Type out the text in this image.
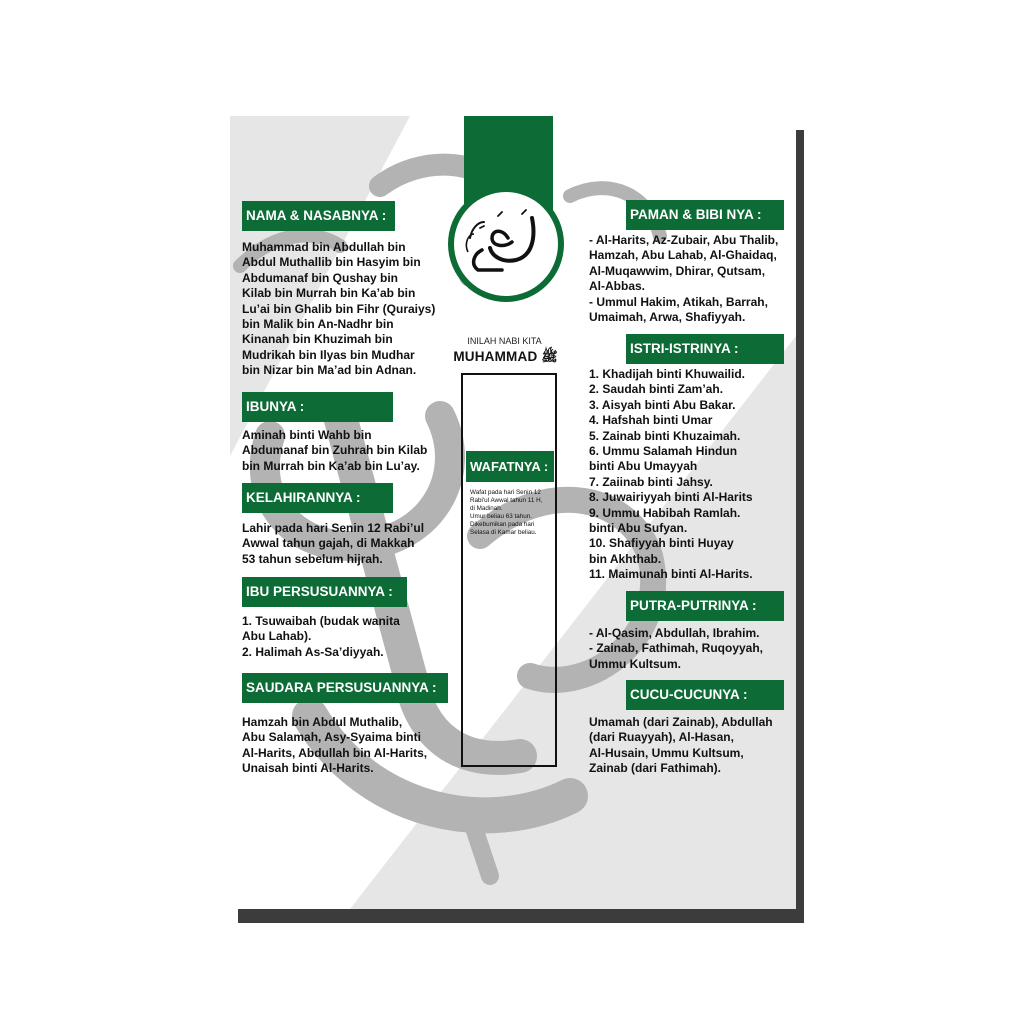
INILAH NABI KITA
MUHAMMAD ﷺ
WAFATNYA :
Wafat pada hari Senin 12
Rabi'ul Awwal tahun 11 H,
di Madinah.
Umur beliau 63 tahun.
Dikebumikan pada hari
Selasa di Kamar beliau.
NAMA & NASABNYA :
Muhammad bin Abdullah bin
Abdul Muthallib bin Hasyim bin
Abdumanaf bin Qushay bin
Kilab bin Murrah bin Ka’ab bin
Lu’ai bin Ghalib bin Fihr (Quraiys)
bin Malik bin An-Nadhr bin
Kinanah bin Khuzimah bin
Mudrikah bin Ilyas bin Mudhar
bin Nizar bin Ma’ad bin Adnan.
IBUNYA :
Aminah binti Wahb bin
Abdumanaf bin Zuhrah bin Kilab
bin Murrah bin Ka’ab bin Lu’ay.
KELAHIRANNYA :
Lahir pada hari Senin 12 Rabi’ul
Awwal tahun gajah, di Makkah
53 tahun sebelum hijrah.
IBU PERSUSUANNYA :
1. Tsuwaibah (budak wanita
Abu Lahab).
2. Halimah As-Sa’diyyah.
SAUDARA PERSUSUANNYA :
Hamzah bin Abdul Muthalib,
Abu Salamah, Asy-Syaima binti
Al-Harits, Abdullah bin Al-Harits,
Unaisah binti Al-Harits.
PAMAN & BIBI NYA :
- Al-Harits, Az-Zubair, Abu Thalib,
Hamzah, Abu Lahab, Al-Ghaidaq,
Al-Muqawwim, Dhirar, Qutsam,
Al-Abbas.
- Ummul Hakim, Atikah, Barrah,
Umaimah, Arwa, Shafiyyah.
ISTRI-ISTRINYA :
1. Khadijah binti Khuwailid.
2. Saudah binti Zam’ah.
3. Aisyah binti Abu Bakar.
4. Hafshah binti Umar
5. Zainab binti Khuzaimah.
6. Ummu Salamah Hindun
binti Abu Umayyah
7. Zaiinab binti Jahsy.
8. Juwairiyyah binti Al-Harits
9. Ummu Habibah Ramlah.
binti Abu Sufyan.
10. Shafiyyah binti Huyay
bin Akhthab.
11. Maimunah binti Al-Harits.
PUTRA-PUTRINYA :
- Al-Qasim, Abdullah, Ibrahim.
- Zainab, Fathimah, Ruqoyyah,
Ummu Kultsum.
CUCU-CUCUNYA :
Umamah (dari Zainab), Abdullah
(dari Ruayyah), Al-Hasan,
Al-Husain, Ummu Kultsum,
Zainab (dari Fathimah).
